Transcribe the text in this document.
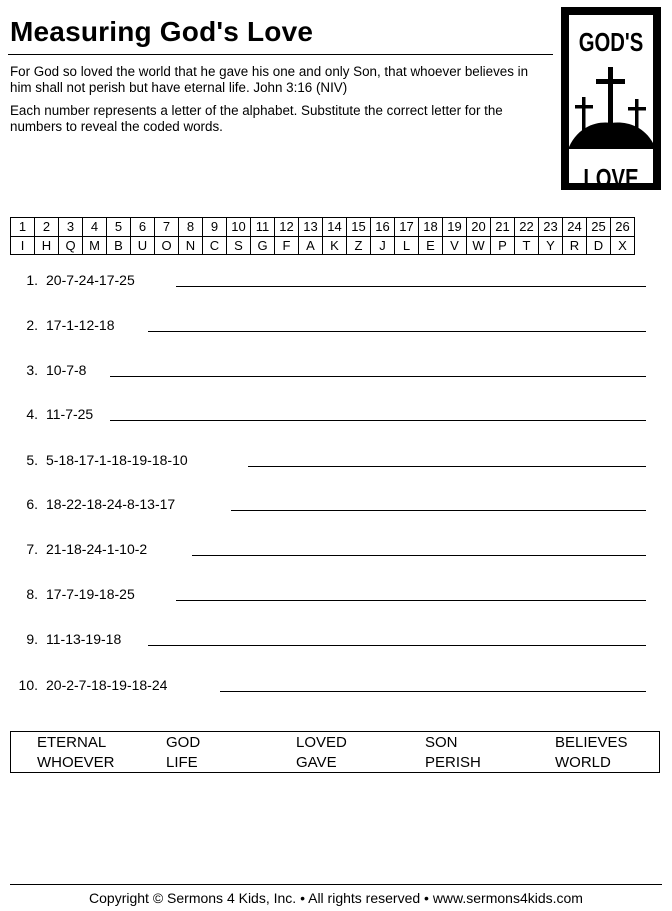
Measuring God's Love
For God so loved the world that he gave his one and only Son, that whoever believes in him shall not perish but have eternal life. John 3:16 (NIV)
Each number represents a letter of the alphabet. Substitute the correct letter for the numbers to reveal the coded words.
GOD'S
LOVE
1	2	3	4	5	6	7	8	9	10	11	12	13	14	15	16	17	18	19	20	21	22	23	24	25	26
I	H	Q	M	B	U	O	N	C	S	G	F	A	K	Z	J	L	E	V	W	P	T	Y	R	D	X
1. 20-7-24-17-25
2. 17-1-12-18
3. 10-7-8
4. 11-7-25
5. 5-18-17-1-18-19-18-10
6. 18-22-18-24-8-13-17
7. 21-18-24-1-10-2
8. 17-7-19-18-25
9. 11-13-19-18
10. 20-2-7-18-19-18-24
ETERNAL	GOD	LOVED	SON	BELIEVES
WHOEVER	LIFE	GAVE	PERISH	WORLD
Copyright © Sermons 4 Kids, Inc. • All rights reserved • www.sermons4kids.com
